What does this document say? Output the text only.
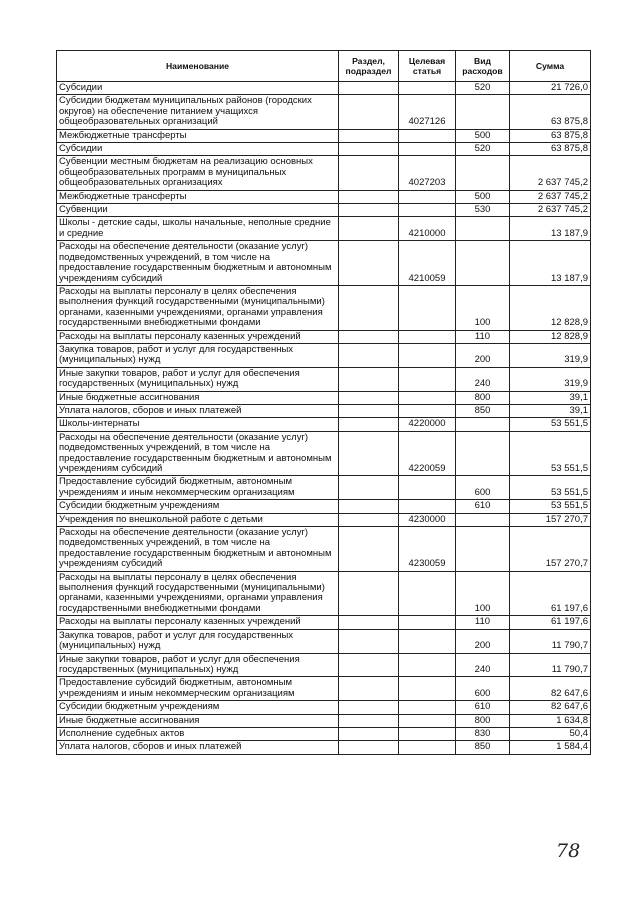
Наименование	Раздел, подраздел	Целевая статья	Вид расходов	Сумма
Субсидии			520	21 726,0
Субсидии бюджетам муниципальных районов (городских округов) на обеспечение питанием учащихся общеобразовательных организаций		4027126		63 875,8
Межбюджетные трансферты			500	63 875,8
Субсидии			520	63 875,8
Субвенции местным бюджетам на реализацию основных общеобразовательных программ в муниципальных общеобразовательных организациях		4027203		2 637 745,2
Межбюджетные трансферты			500	2 637 745,2
Субвенции			530	2 637 745,2
Школы - детские сады, школы начальные, неполные средние и средние		4210000		13 187,9
Расходы на обеспечение деятельности (оказание услуг) подведомственных учреждений, в том числе на предоставление государственным бюджетным и автономным учреждениям субсидий		4210059		13 187,9
Расходы на выплаты персоналу в целях обеспечения выполнения функций государственными (муниципальными) органами, казенными учреждениями, органами управления государственными внебюджетными фондами			100	12 828,9
Расходы на выплаты персоналу казенных учреждений			110	12 828,9
Закупка товаров, работ и услуг для государственных (муниципальных) нужд			200	319,9
Иные закупки товаров, работ и услуг для обеспечения государственных (муниципальных) нужд			240	319,9
Иные бюджетные ассигнования			800	39,1
Уплата налогов, сборов и иных платежей			850	39,1
Школы-интернаты		4220000		53 551,5
Расходы на обеспечение деятельности (оказание услуг) подведомственных учреждений, в том числе на предоставление государственным бюджетным и автономным учреждениям субсидий		4220059		53 551,5
Предоставление субсидий бюджетным, автономным учреждениям и иным некоммерческим организациям			600	53 551,5
Субсидии бюджетным учреждениям			610	53 551,5
Учреждения по внешкольной работе с детьми		4230000		157 270,7
Расходы на обеспечение деятельности (оказание услуг) подведомственных учреждений, в том числе на предоставление государственным бюджетным и автономным учреждениям субсидий		4230059		157 270,7
Расходы на выплаты персоналу в целях обеспечения выполнения функций государственными (муниципальными) органами, казенными учреждениями, органами управления государственными внебюджетными фондами			100	61 197,6
Расходы на выплаты персоналу казенных учреждений			110	61 197,6
Закупка товаров, работ и услуг для государственных (муниципальных) нужд			200	11 790,7
Иные закупки товаров, работ и услуг для обеспечения государственных (муниципальных) нужд			240	11 790,7
Предоставление субсидий бюджетным, автономным учреждениям и иным некоммерческим организациям			600	82 647,6
Субсидии бюджетным учреждениям			610	82 647,6
Иные бюджетные ассигнования			800	1 634,8
Исполнение судебных актов			830	50,4
Уплата налогов, сборов и иных платежей			850	1 584,4
78
